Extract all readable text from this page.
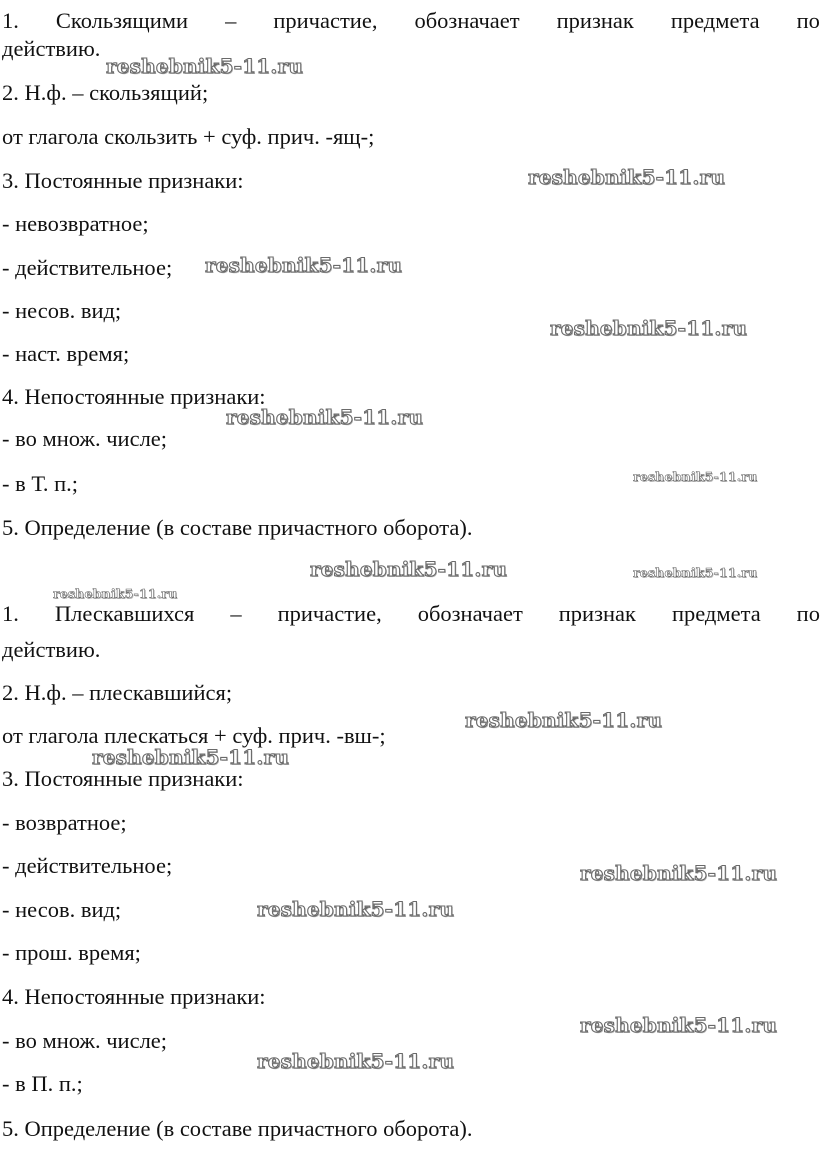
1. Скользящими – причастие, обозначает признак предмета по

действию.

2. Н.ф. – скользящий;

от глагола скользить + суф. прич. -ящ-;

3. Постоянные признаки:

- невозвратное;

- действительное;

- несов. вид;

- наст. время;

4. Непостоянные признаки:

- во множ. числе;

- в Т. п.;

5. Определение (в составе причастного оборота).

1. Плескавшихся – причастие, обозначает признак предмета по

действию.

2. Н.ф. – плескавшийся;

от глагола плескаться + суф. прич. -вш-;

3. Постоянные признаки:

- возвратное;

- действительное;

- несов. вид;

- прош. время;

4. Непостоянные признаки:

- во множ. числе;

- в П. п.;

5. Определение (в составе причастного оборота).

reshebnik5-11.ru
reshebnik5-11.ru
reshebnik5-11.ru
reshebnik5-11.ru
reshebnik5-11.ru
reshebnik5-11.ru
reshebnik5-11.ru	reshebnik5-11.ru
reshebnik5-11.ru
reshebnik5-11.ru
reshebnik5-11.ru
reshebnik5-11.ru
reshebnik5-11.ru
reshebnik5-11.ru
reshebnik5-11.ru
